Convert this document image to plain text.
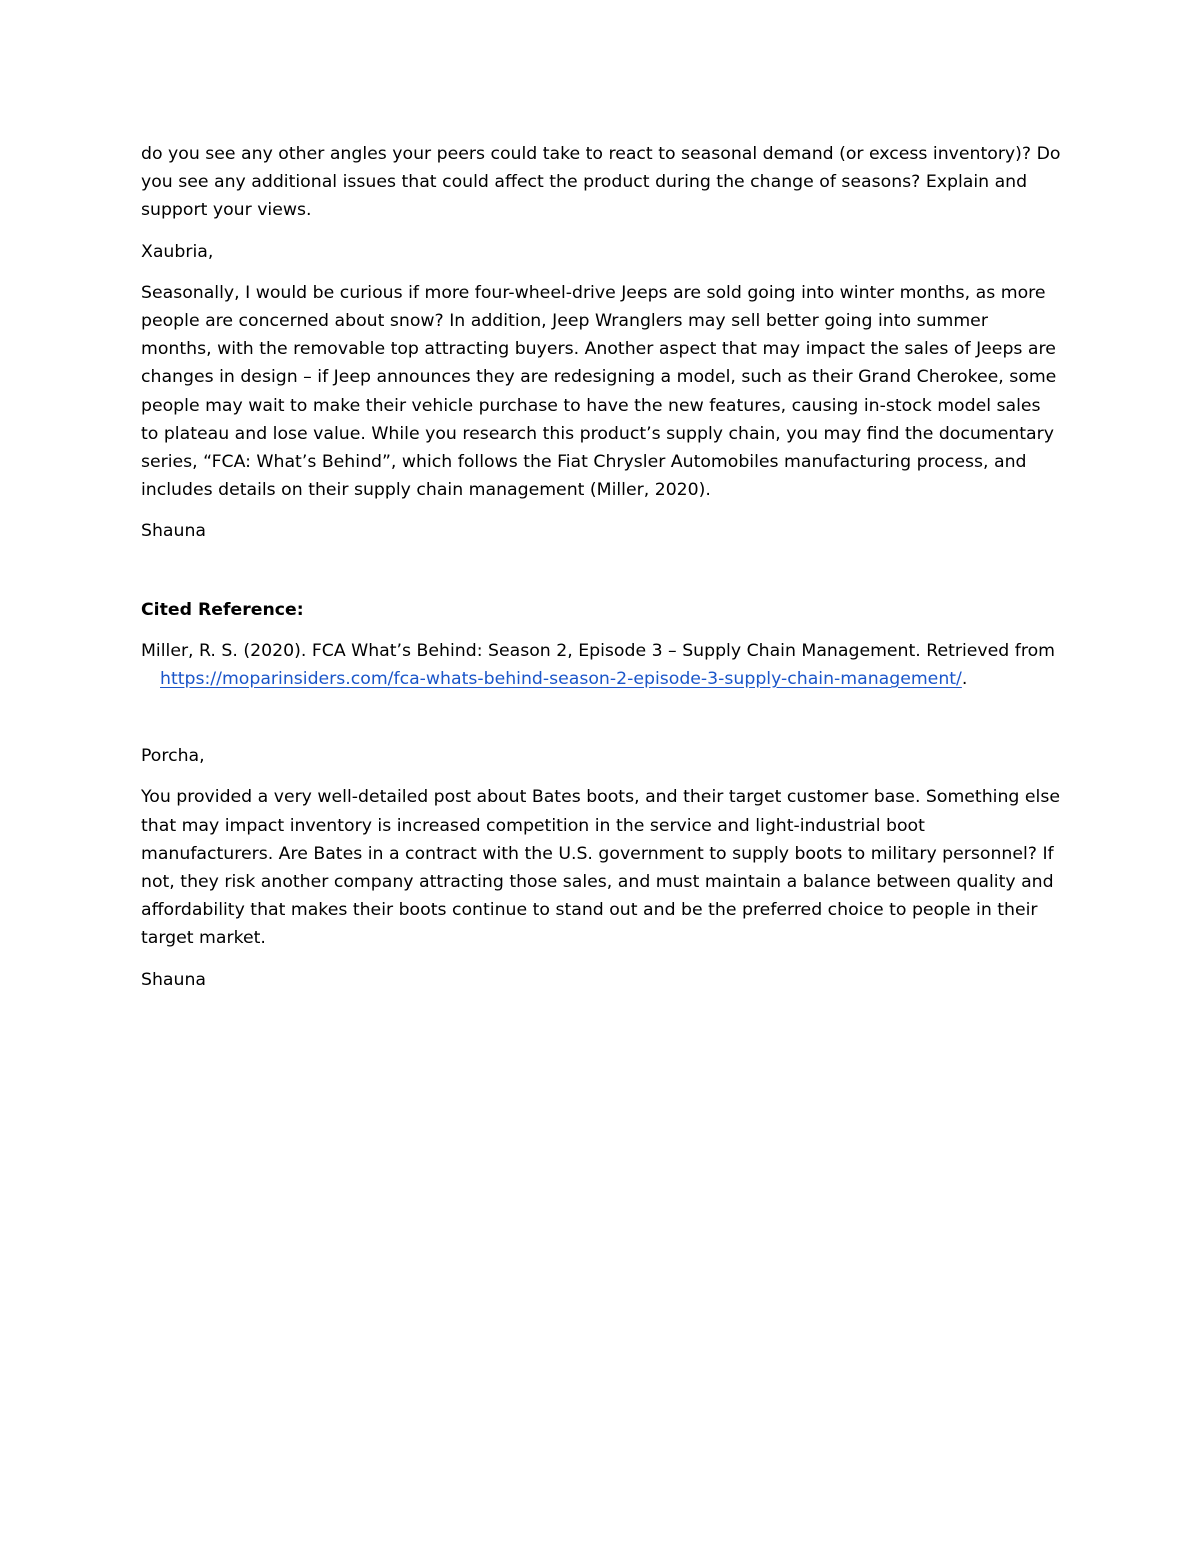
do you see any other angles your peers could take to react to seasonal demand (or excess inventory)? Do you see any additional issues that could affect the product during the change of seasons? Explain and support your views.

Xaubria,

Seasonally, I would be curious if more four-wheel-drive Jeeps are sold going into winter months, as more people are concerned about snow? In addition, Jeep Wranglers may sell better going into summer months, with the removable top attracting buyers. Another aspect that may impact the sales of Jeeps are changes in design – if Jeep announces they are redesigning a model, such as their Grand Cherokee, some people may wait to make their vehicle purchase to have the new features, causing in-stock model sales to plateau and lose value. While you research this product’s supply chain, you may find the documentary series, “FCA: What’s Behind”, which follows the Fiat Chrysler Automobiles manufacturing process, and includes details on their supply chain management (Miller, 2020).

Shauna

Cited Reference:

Miller, R. S. (2020). FCA What’s Behind: Season 2, Episode 3 – Supply Chain Management. Retrieved from https://moparinsiders.com/fca-whats-behind-season-2-episode-3-supply-chain-management/.

Porcha,

You provided a very well-detailed post about Bates boots, and their target customer base. Something else that may impact inventory is increased competition in the service and light-industrial boot manufacturers. Are Bates in a contract with the U.S. government to supply boots to military personnel? If not, they risk another company attracting those sales, and must maintain a balance between quality and affordability that makes their boots continue to stand out and be the preferred choice to people in their target market.

Shauna
